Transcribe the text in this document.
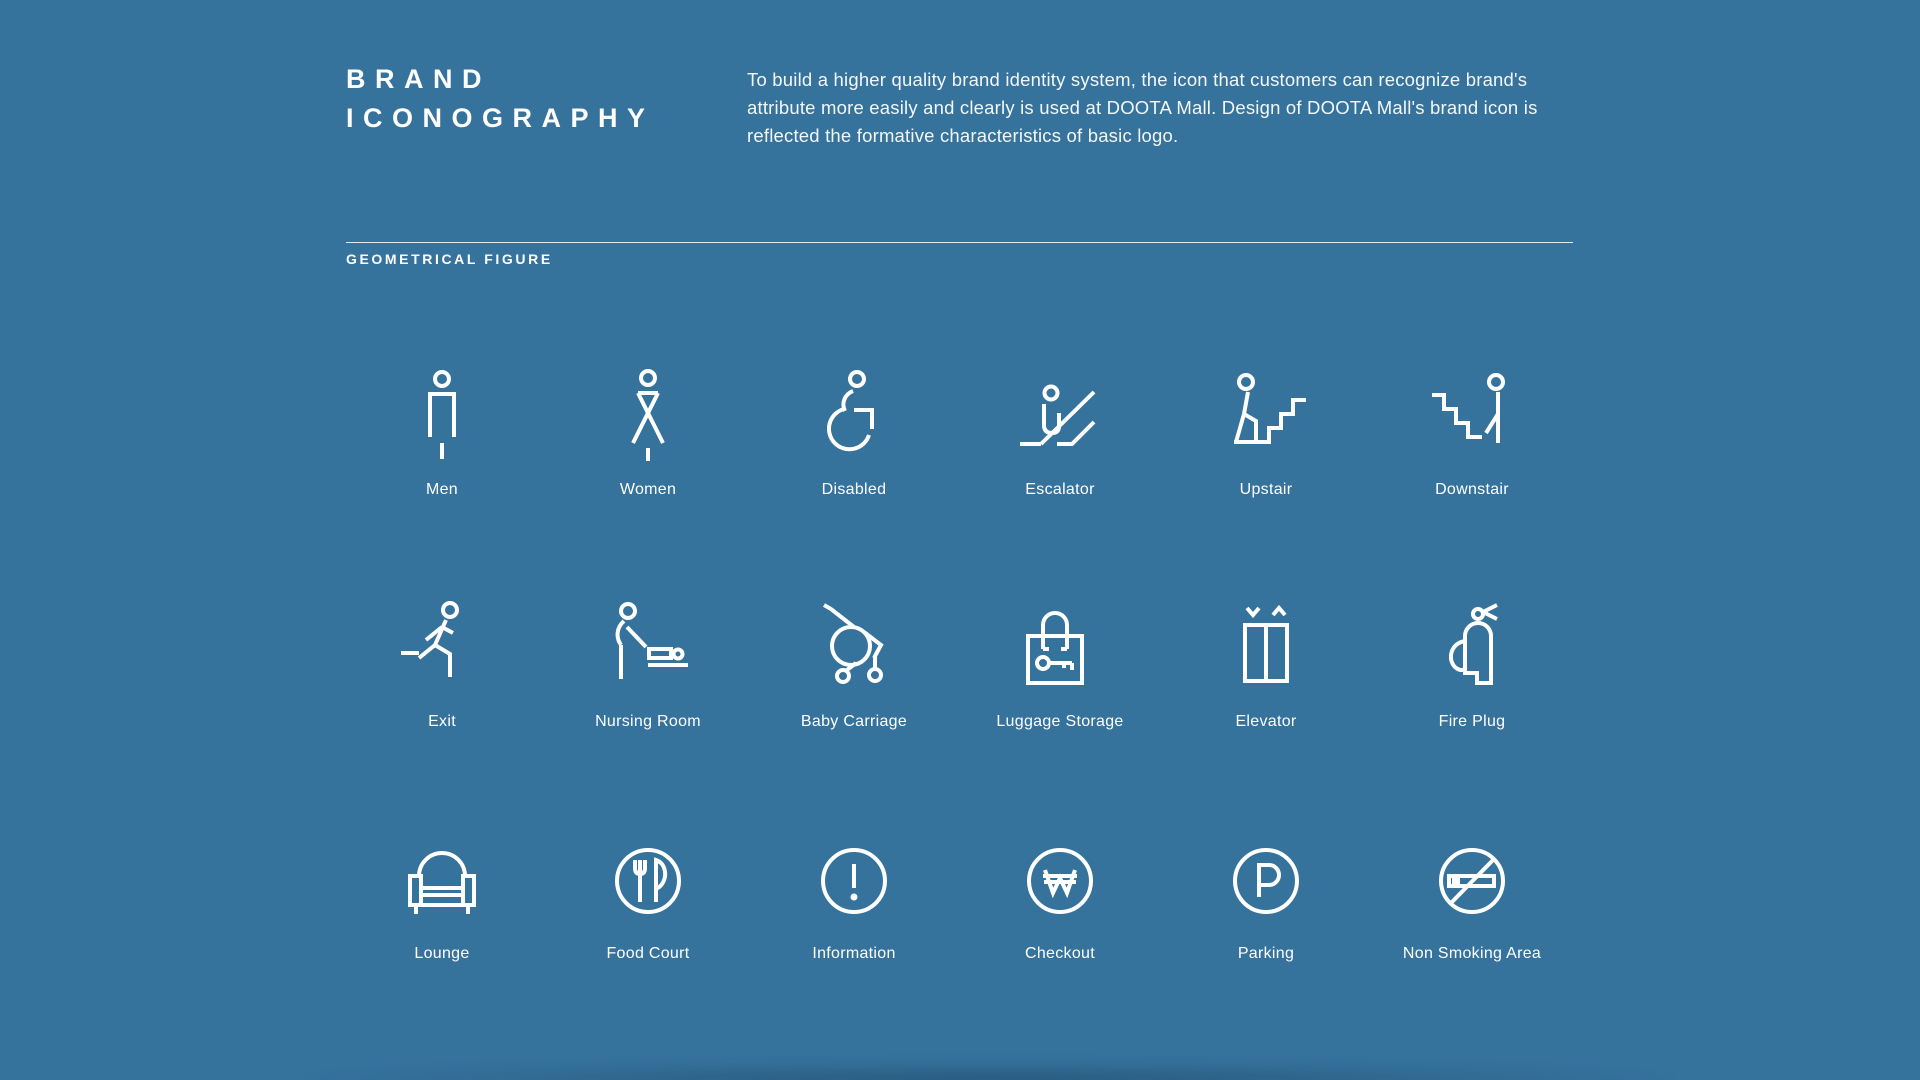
BRAND
ICONOGRAPHY
To build a higher quality brand identity system, the icon that customers can recognize brand's
attribute more easily and clearly is used at DOOTA Mall. Design of DOOTA Mall's brand icon is
reflected the formative characteristics of basic logo.
GEOMETRICAL FIGURE
Men	Women	Disabled	Escalator	Upstair	Downstair
Exit	Nursing Room	Baby Carriage	Luggage Storage	Elevator	Fire Plug
Lounge	Food Court	Information	Checkout	Parking	Non Smoking Area
